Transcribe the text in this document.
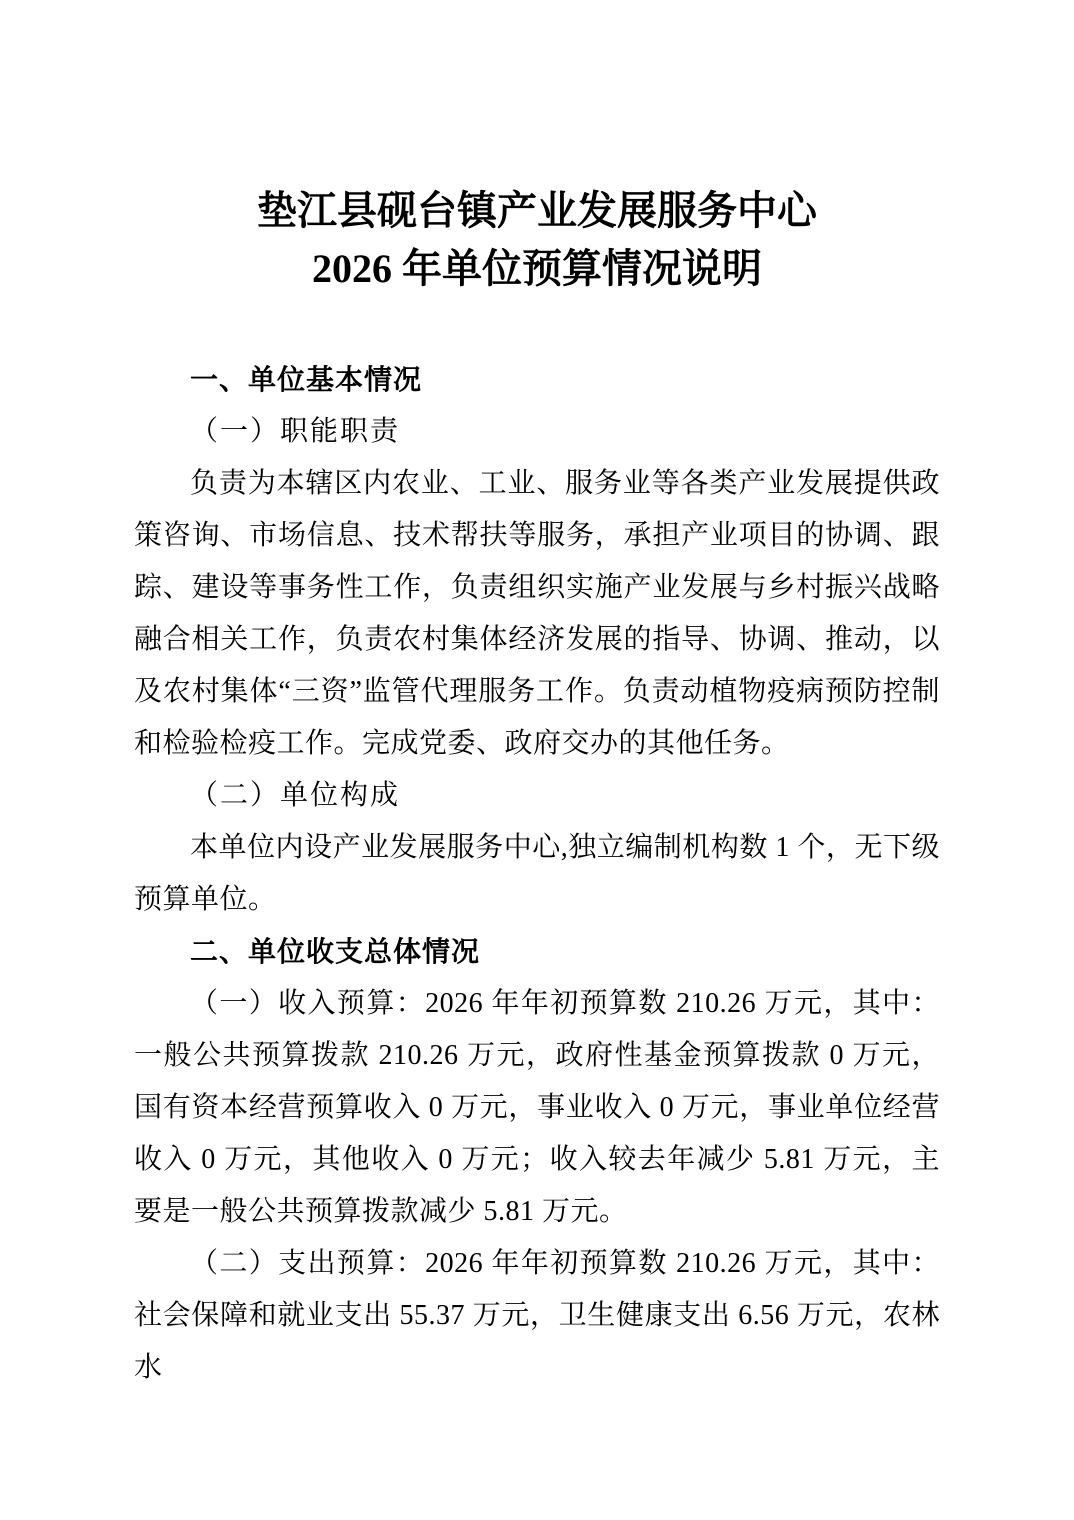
垫江县砚台镇产业发展服务中心
2026 年单位预算情况说明
一、单位基本情况
（一）职能职责
负责为本辖区内农业、工业、服务业等各类产业发展提供政策咨询、市场信息、技术帮扶等服务，承担产业项目的协调、跟踪、建设等事务性工作，负责组织实施产业发展与乡村振兴战略融合相关工作，负责农村集体经济发展的指导、协调、推动，以及农村集体“三资”监管代理服务工作。负责动植物疫病预防控制和检验检疫工作。完成党委、政府交办的其他任务。
（二）单位构成
本单位内设产业发展服务中心,独立编制机构数 1 个，无下级预算单位。
二、单位收支总体情况
（一）收入预算：2026 年年初预算数 210.26 万元，其中：一般公共预算拨款 210.26 万元，政府性基金预算拨款 0 万元，国有资本经营预算收入 0 万元，事业收入 0 万元，事业单位经营收入 0 万元，其他收入 0 万元；收入较去年减少 5.81 万元，主要是一般公共预算拨款减少 5.81 万元。
（二）支出预算：2026 年年初预算数 210.26 万元，其中：社会保障和就业支出 55.37 万元，卫生健康支出 6.56 万元，农林水
